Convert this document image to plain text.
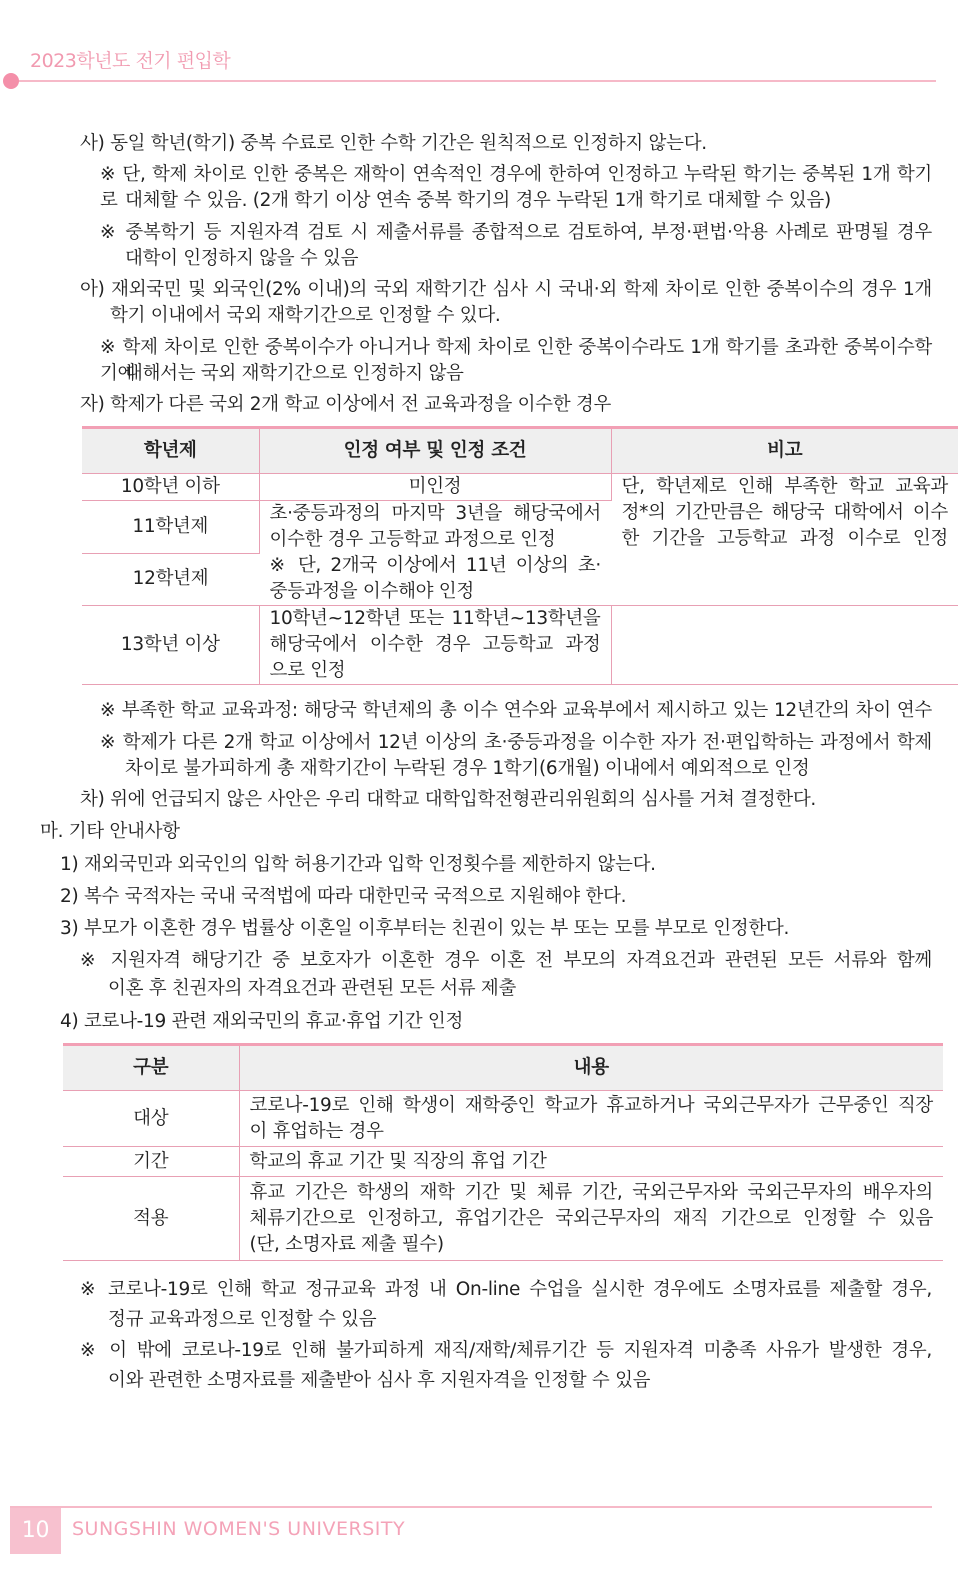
2023학년도 전기 편입학
사) 동일 학년(학기) 중복 수료로 인한 수학 기간은 원칙적으로 인정하지 않는다.
※ 단, 학제 차이로 인한 중복은 재학이 연속적인 경우에 한하여 인정하고 누락된 학기는 중복된 1개 학기로 대체할 수 있음. (2개 학기 이상 연속 중복 학기의 경우 누락된 1개 학기로 대체할 수 있음)
※ 중복학기 등 지원자격 검토 시 제출서류를 종합적으로 검토하여, 부정·편법·악용 사례로 판명될 경우
대학이 인정하지 않을 수 있음
아) 재외국민 및 외국인(2% 이내)의 국외 재학기간 심사 시 국내·외 학제 차이로 인한 중복이수의 경우 1개
학기 이내에서 국외 재학기간으로 인정할 수 있다.
※ 학제 차이로 인한 중복이수가 아니거나 학제 차이로 인한 중복이수라도 1개 학기를 초과한 중복이수학기에
대해서는 국외 재학기간으로 인정하지 않음
자) 학제가 다른 국외 2개 학교 이상에서 전 교육과정을 이수한 경우
학년제	인정 여부 및 인정 조건	비고
10학년 이하	미인정	단, 학년제로 인해 부족한 학교 교육과
정*의 기간만큼은 해당국 대학에서 이수
한 기간을 고등학교 과정 이수로 인정

11학년제	초·중등과정의 마지막 3년을 해당국에서
이수한 경우 고등학교 과정으로 인정
※ 단, 2개국 이상에서 11년 이상의 초·
중등과정을 이수해야 인정	

12학년제		
13학년 이상	10학년~12학년 또는 11학년~13학년을
해당국에서 이수한 경우 고등학교 과정
으로 인정	

※ 부족한 학교 교육과정: 해당국 학년제의 총 이수 연수와 교육부에서 제시하고 있는 12년간의 차이 연수
※ 학제가 다른 2개 학교 이상에서 12년 이상의 초·중등과정을 이수한 자가 전·편입학하는 과정에서 학제
차이로 불가피하게 총 재학기간이 누락된 경우 1학기(6개월) 이내에서 예외적으로 인정
차) 위에 언급되지 않은 사안은 우리 대학교 대학입학전형관리위원회의 심사를 거쳐 결정한다.
마. 기타 안내사항
1) 재외국민과 외국인의 입학 허용기간과 입학 인정횟수를 제한하지 않는다.
2) 복수 국적자는 국내 국적법에 따라 대한민국 국적으로 지원해야 한다.
3) 부모가 이혼한 경우 법률상 이혼일 이후부터는 친권이 있는 부 또는 모를 부모로 인정한다.
※ 지원자격 해당기간 중 보호자가 이혼한 경우 이혼 전 부모의 자격요건과 관련된 모든 서류와 함께
이혼 후 친권자의 자격요건과 관련된 모든 서류 제출
4) 코로나-19 관련 재외국민의 휴교·휴업 기간 인정
구분	내용
대상	코로나-19로 인해 학생이 재학중인 학교가 휴교하거나 국외근무자가 근무중인 직장
이 휴업하는 경우

기간	학교의 휴교 기간 및 직장의 휴업 기간

적용	휴교 기간은 학생의 재학 기간 및 체류 기간, 국외근무자와 국외근무자의 배우자의
체류기간으로 인정하고, 휴업기간은 국외근무자의 재직 기간으로 인정할 수 있음
(단, 소명자료 제출 필수)
※ 코로나-19로 인해 학교 정규교육 과정 내 On-line 수업을 실시한 경우에도 소명자료를 제출할 경우,
정규 교육과정으로 인정할 수 있음
※ 이 밖에 코로나-19로 인해 불가피하게 재직/재학/체류기간 등 지원자격 미충족 사유가 발생한 경우,
이와 관련한 소명자료를 제출받아 심사 후 지원자격을 인정할 수 있음
10	SUNGSHIN WOMEN'S UNIVERSITY
